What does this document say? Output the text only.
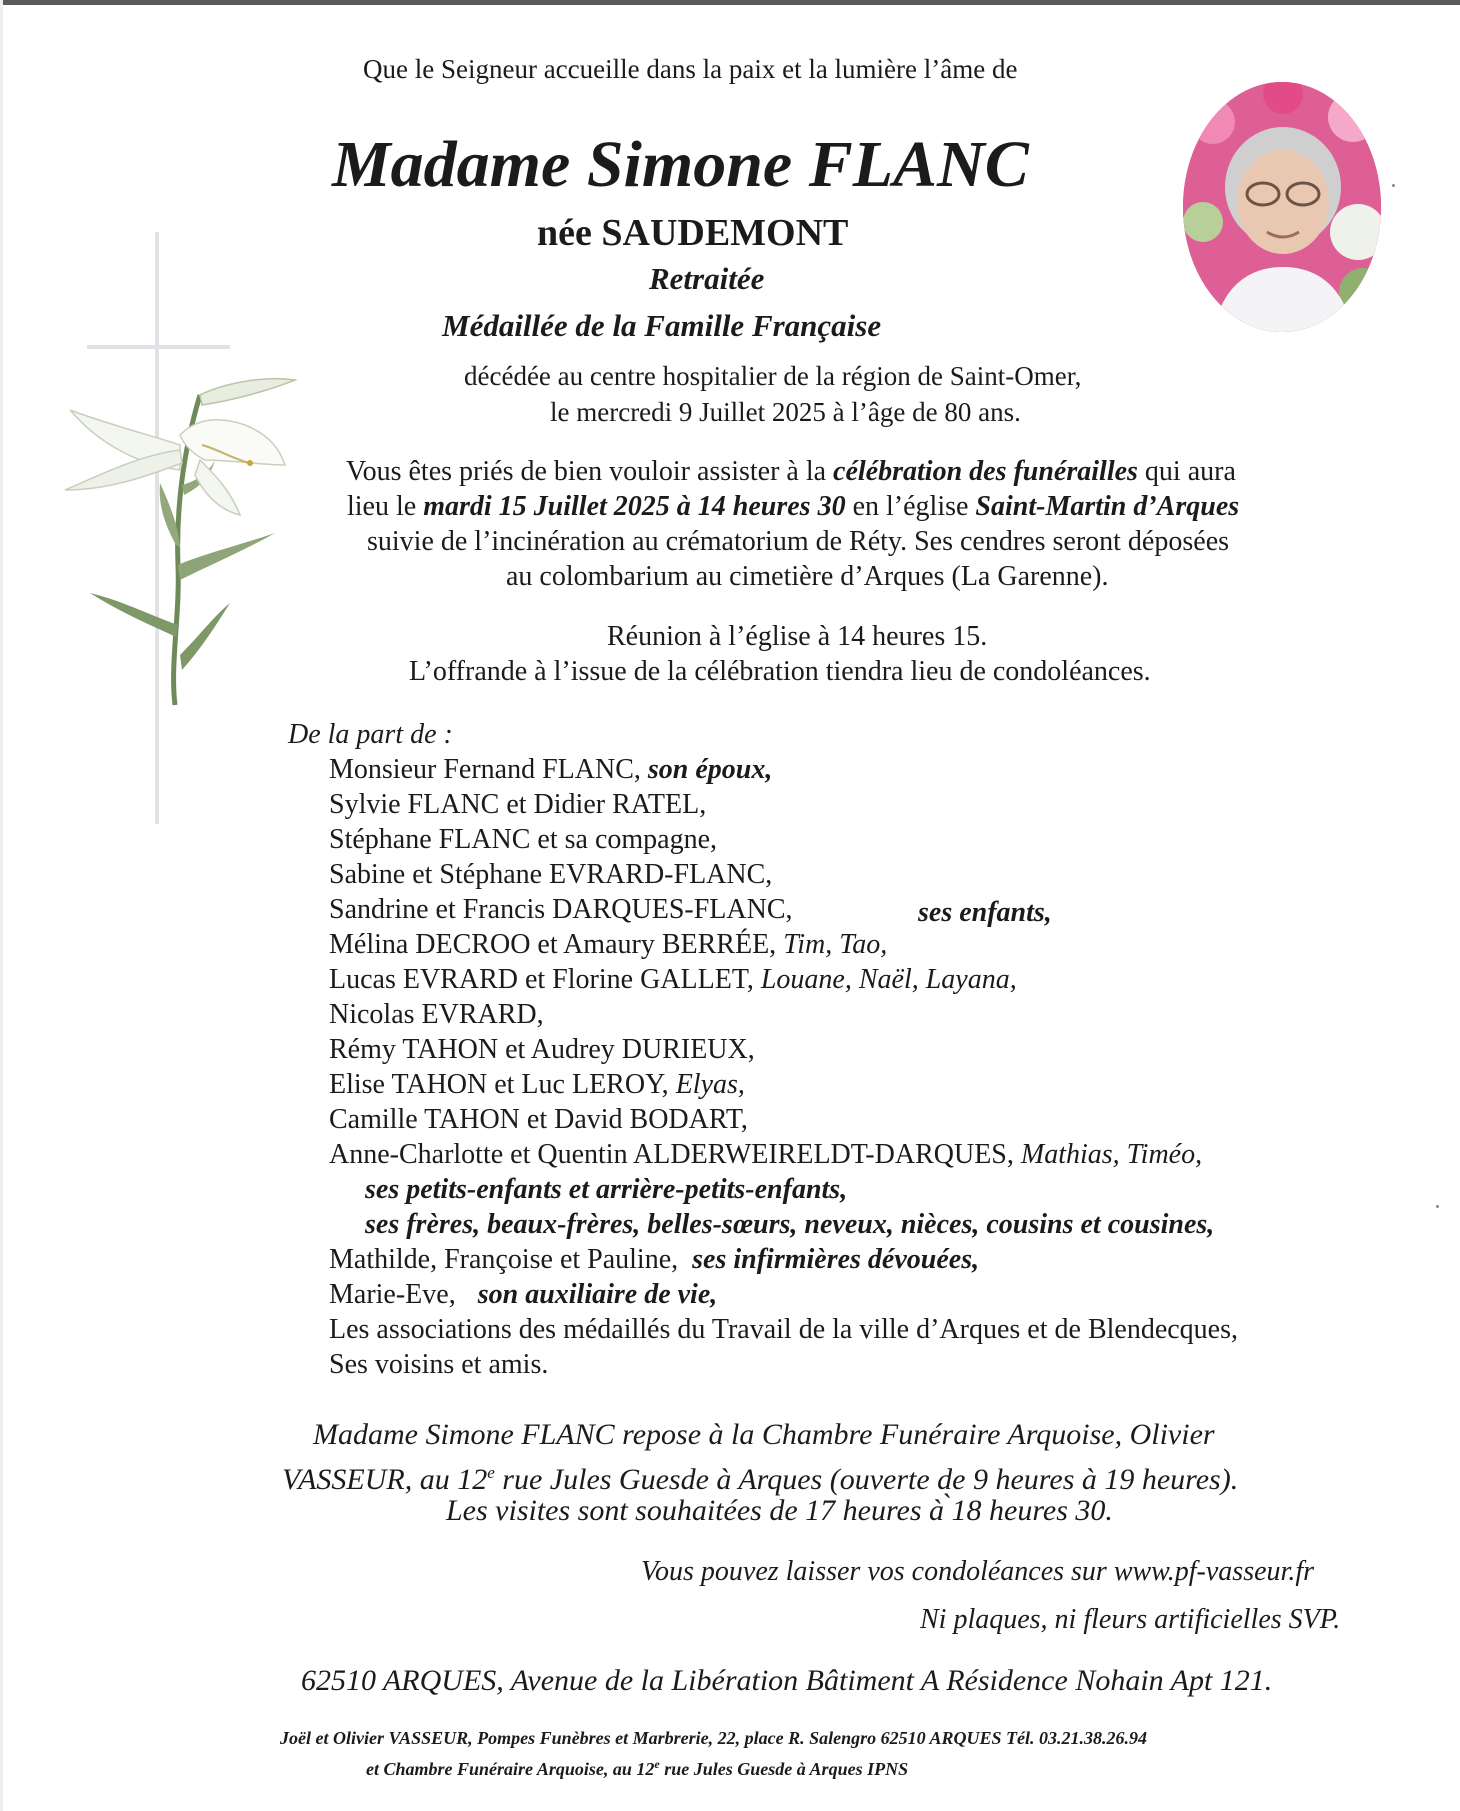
Que le Seigneur accueille dans la paix et la lumière l’âme de
Madame Simone FLANC
née SAUDEMONT
Retraitée
Médaillée de la Famille Française
décédée au centre hospitalier de la région de Saint-Omer,
le mercredi 9 Juillet 2025 à l’âge de 80 ans.
Vous êtes priés de bien vouloir assister à la célébration des funérailles qui aura
lieu le mardi 15 Juillet 2025 à 14 heures 30 en l’église Saint-Martin d’Arques
suivie de l’incinération au crématorium de Réty. Ses cendres seront déposées
au colombarium au cimetière d’Arques (La Garenne).
Réunion à l’église à 14 heures 15.
L’offrande à l’issue de la célébration tiendra lieu de condoléances.
De la part de :
Monsieur Fernand FLANC, son époux,
Sylvie FLANC et Didier RATEL,
Stéphane FLANC et sa compagne,
Sabine et Stéphane EVRARD-FLANC,
Sandrine et Francis DARQUES-FLANC,	ses enfants,
Mélina DECROO et Amaury BERRÉE, Tim, Tao,
Lucas EVRARD et Florine GALLET, Louane, Naël, Layana,
Nicolas EVRARD,
Rémy TAHON et Audrey DURIEUX,
Elise TAHON et Luc LEROY, Elyas,
Camille TAHON et David BODART,
Anne-Charlotte et Quentin ALDERWEIRELDT-DARQUES, Mathias, Timéo,
ses petits-enfants et arrière-petits-enfants,
ses frères, beaux-frères, belles-sœurs, neveux, nièces, cousins et cousines,
Mathilde, Françoise et Pauline, ses infirmières dévouées,
Marie-Eve, son auxiliaire de vie,
Les associations des médaillés du Travail de la ville d’Arques et de Blendecques,
Ses voisins et amis.
Madame Simone FLANC repose à la Chambre Funéraire Arquoise, Olivier
VASSEUR, au 12e rue Jules Guesde à Arques (ouverte de 9 heures à 19 heures).
Les visites sont souhaitées de 17 heures à ̀18 heures 30.
Vous pouvez laisser vos condoléances sur www.pf-vasseur.fr
Ni plaques, ni fleurs artificielles SVP.
62510 ARQUES, Avenue de la Libération Bâtiment A Résidence Nohain Apt 121.
Joël et Olivier VASSEUR, Pompes Funèbres et Marbrerie, 22, place R. Salengro 62510 ARQUES Tél. 03.21.38.26.94
et Chambre Funéraire Arquoise, au 12e rue Jules Guesde à Arques IPNS
